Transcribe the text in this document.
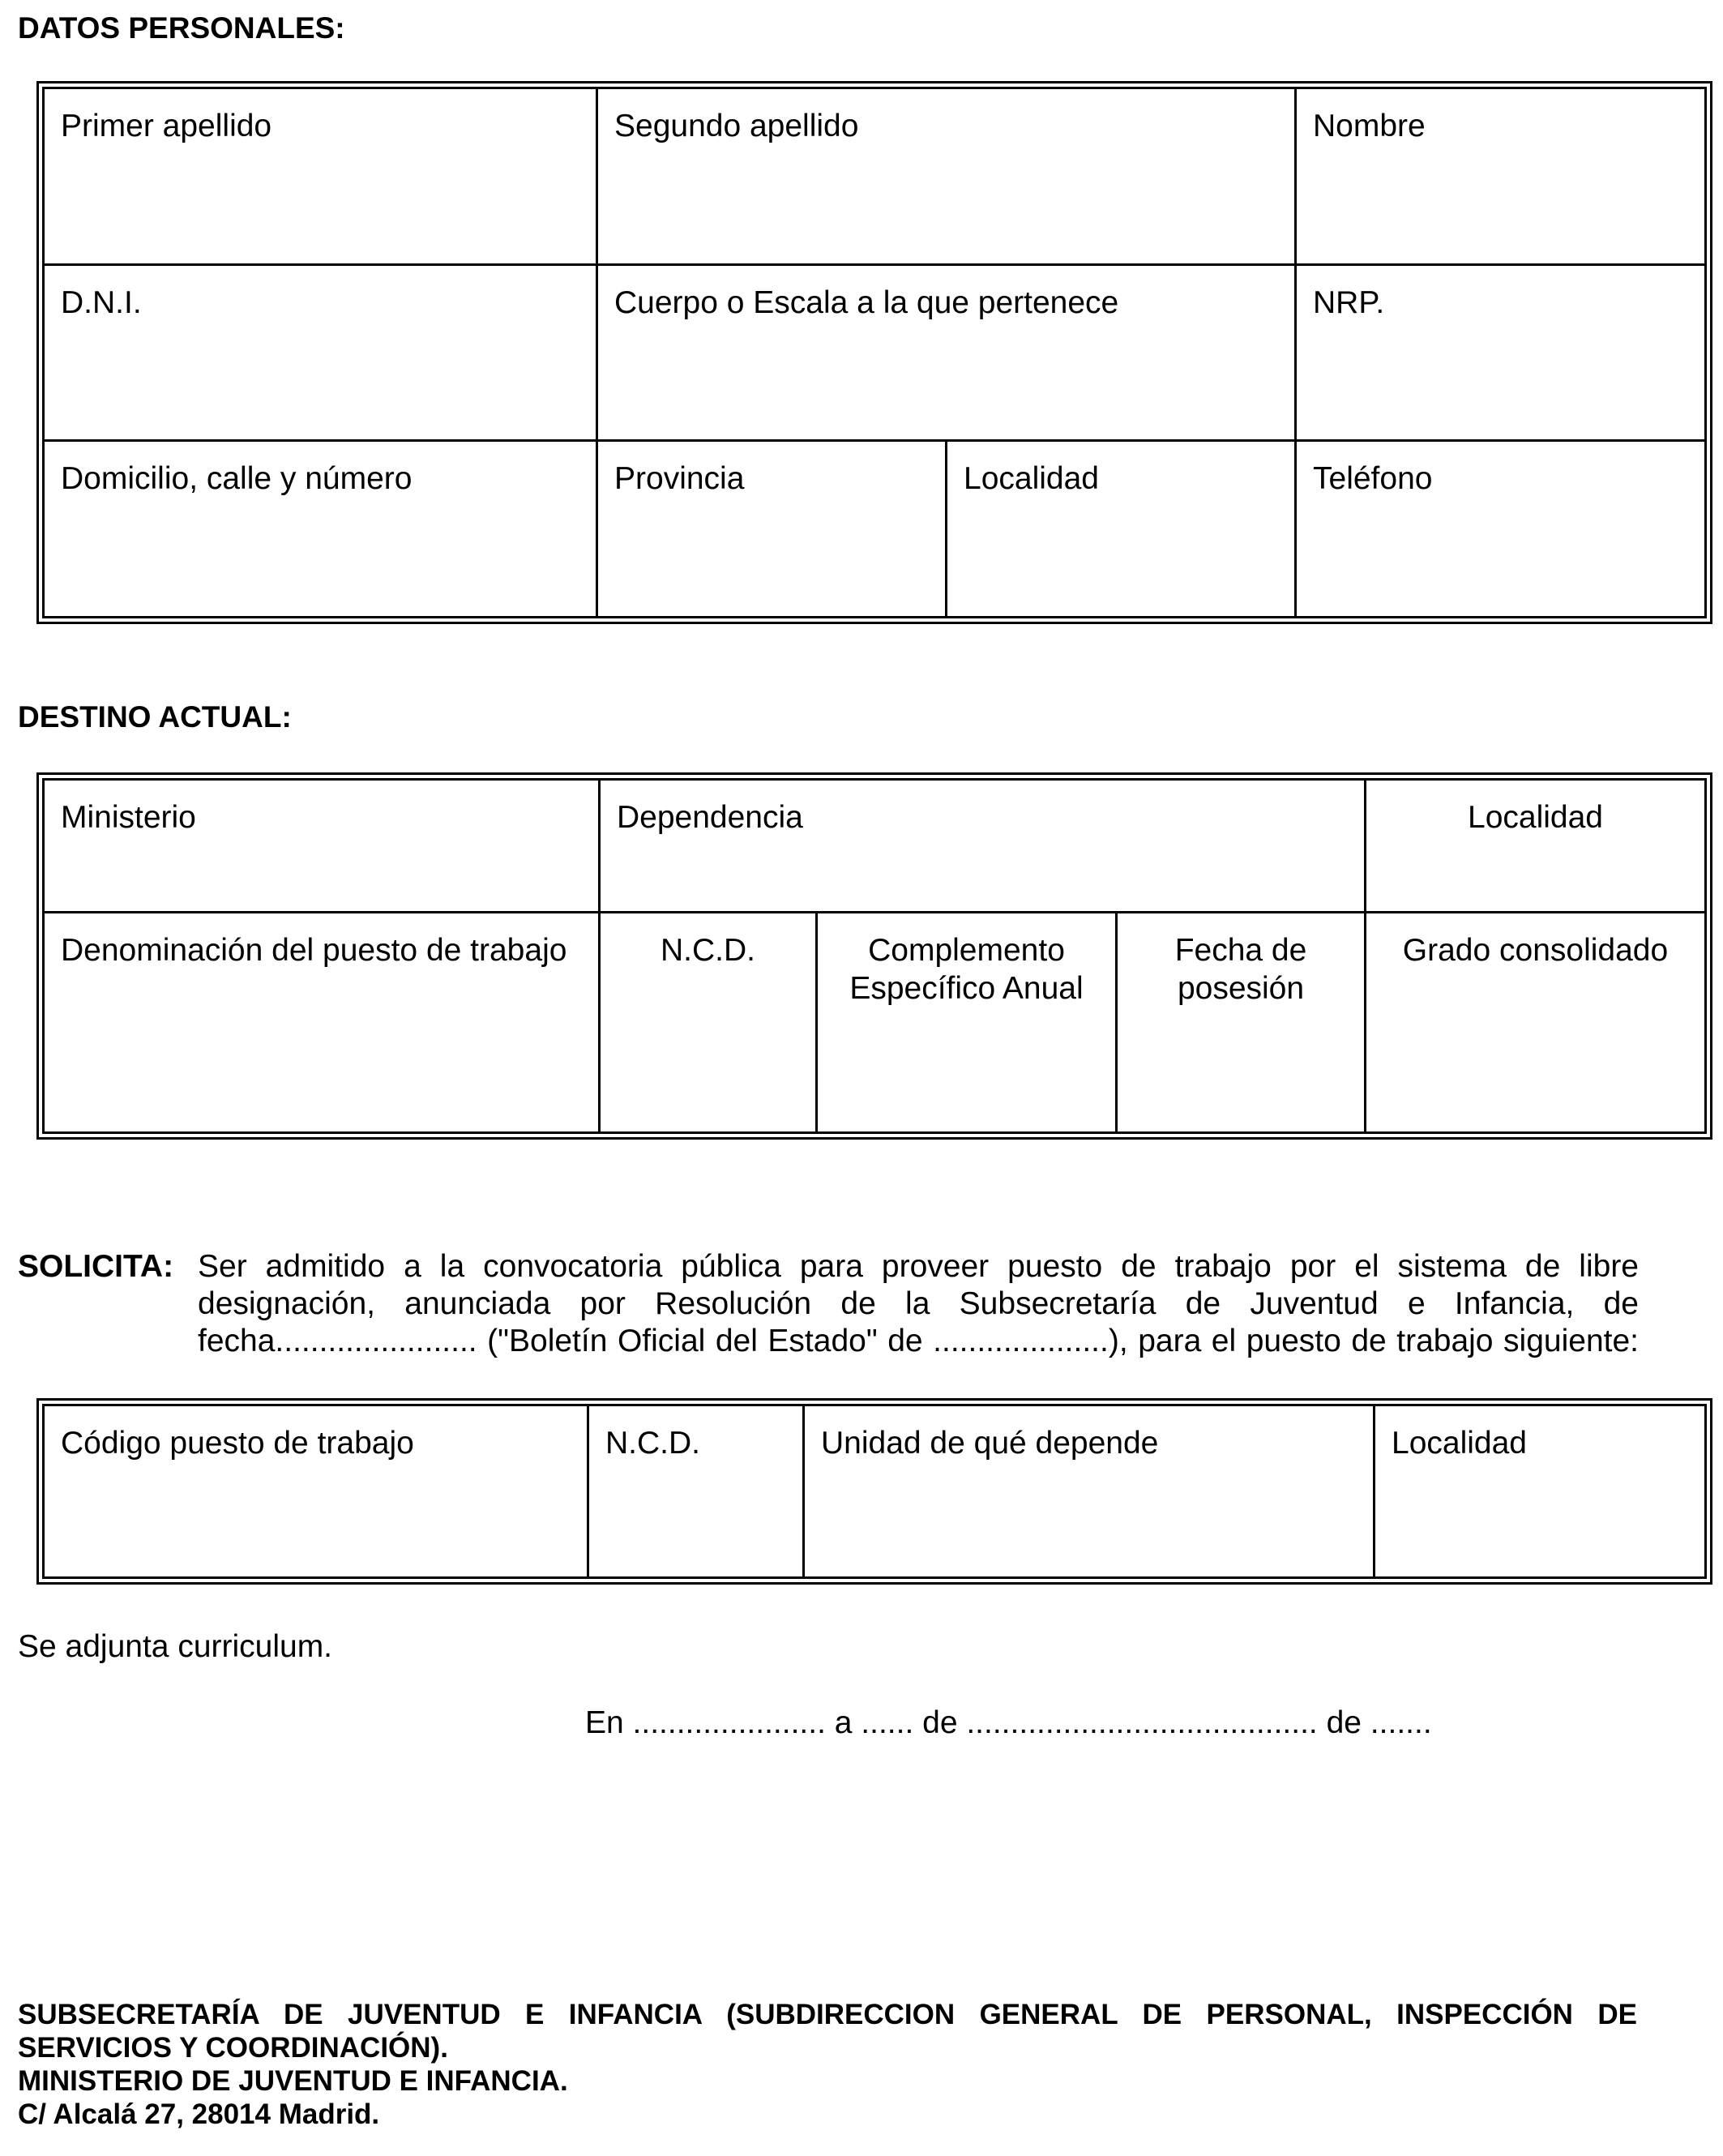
DATOS PERSONALES:
Primer apellido	Segundo apellido		Nombre
D.N.I.	Cuerpo o Escala a la que pertenece		NRP.
Domicilio, calle y número	Provincia	Localidad	Teléfono
DESTINO ACTUAL:
Ministerio	Dependencia			Localidad
Denominación del puesto de trabajo	N.C.D.	Complemento Específico Anual	Fecha de posesión	Grado consolidado
SOLICITA: Ser admitido a la convocatoria pública para proveer puesto de trabajo por el sistema de libre
designación, anunciada por Resolución de la Subsecretaría de Juventud e Infancia, de
fecha....................... ("Boletín Oficial del Estado" de ....................), para el puesto de trabajo siguiente:
Código puesto de trabajo	N.C.D.	Unidad de qué depende	Localidad
Se adjunta curriculum.
En ...................... a ...... de ........................................ de .......
SUBSECRETARÍA DE JUVENTUD E INFANCIA (SUBDIRECCION GENERAL DE PERSONAL, INSPECCIÓN DE
SERVICIOS Y COORDINACIÓN).
MINISTERIO DE JUVENTUD E INFANCIA.
C/ Alcalá 27, 28014 Madrid.
